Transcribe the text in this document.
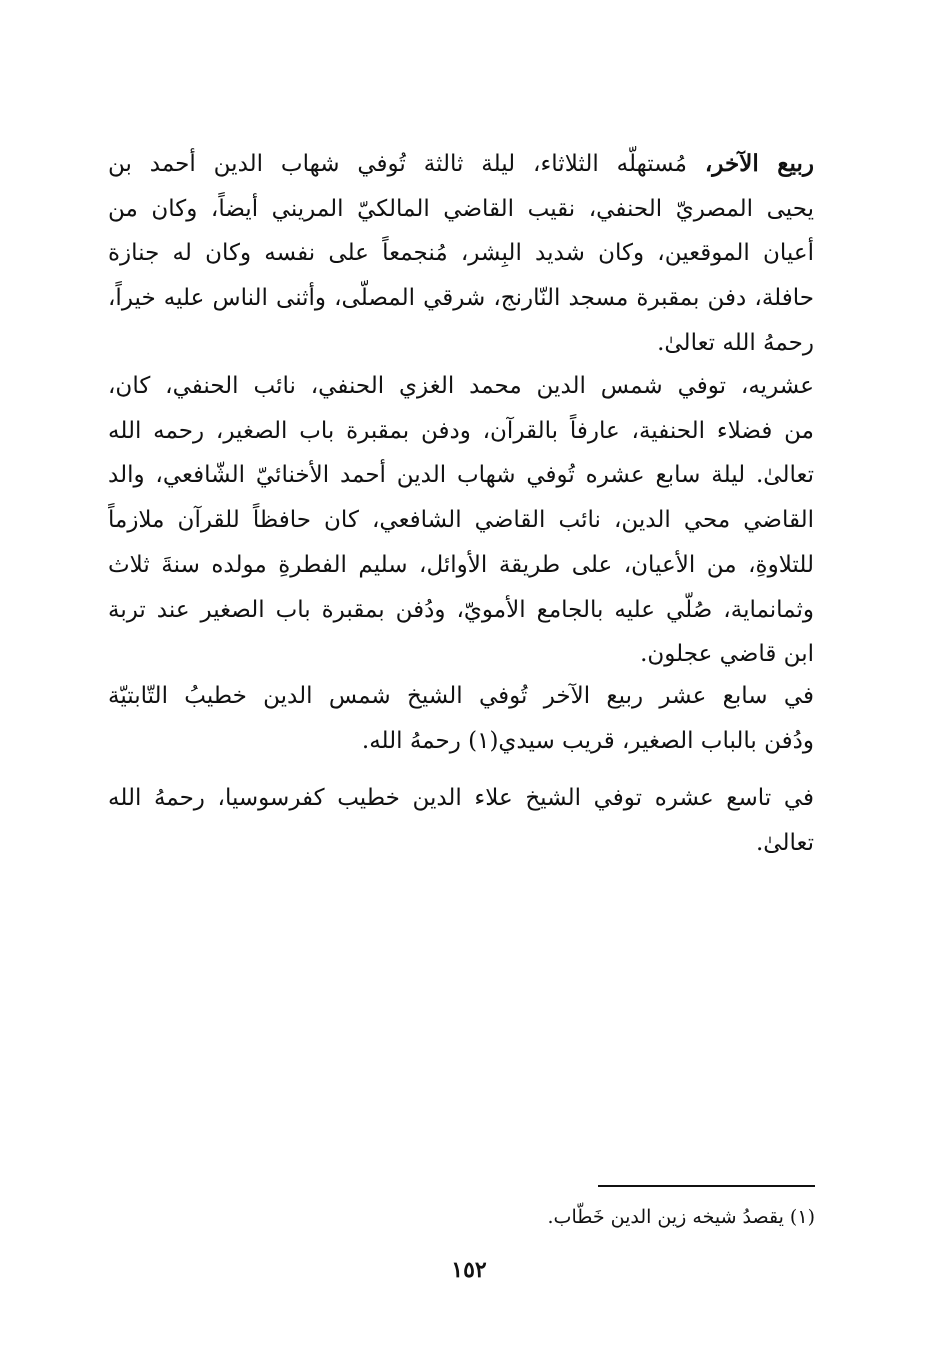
ربيع الآخر، مُستهلّه الثلاثاء، ليلة ثالثة تُوفي شهاب الدين أحمد بن
يحيى المصريّ الحنفي، نقيب القاضي المالكيّ المريني أيضاً، وكان من
أعيان الموقعين، وكان شديد البِشر، مُنجمعاً على نفسه وكان له جنازة
حافلة، دفن بمقبرة مسجد النّارنج، شرقي المصلّى، وأثنى الناس عليه خيراً،
رحمهُ الله تعالىٰ.
عشريه، توفي شمس الدين محمد الغزي الحنفي، نائب الحنفي، كان،
من فضلاء الحنفية، عارفاً بالقرآن، ودفن بمقبرة باب الصغير، رحمه الله
تعالىٰ. ليلة سابع عشره تُوفي شهاب الدين أحمد الأخنائيّ الشّافعي، والد
القاضي محي الدين، نائب القاضي الشافعي، كان حافظاً للقرآن ملازماً
للتلاوةِ، من الأعيان، على طريقة الأوائل، سليم الفطرةِ مولده سنةَ ثلاث
وثمانماية، صُلّي عليه بالجامع الأمويّ، ودُفن بمقبرة باب الصغير عند تربة
ابن قاضي عجلون.
في سابع عشر ربيع الآخر تُوفي الشيخ شمس الدين خطيبُ التّابتيّة
ودُفن بالباب الصغير، قريب سيدي(١) رحمهُ الله.
في تاسع عشره توفي الشيخ علاء الدين خطيب كفرسوسيا، رحمهُ الله
تعالىٰ.
(١) يقصدُ شيخه زين الدين خَطّاب.
١٥٢
